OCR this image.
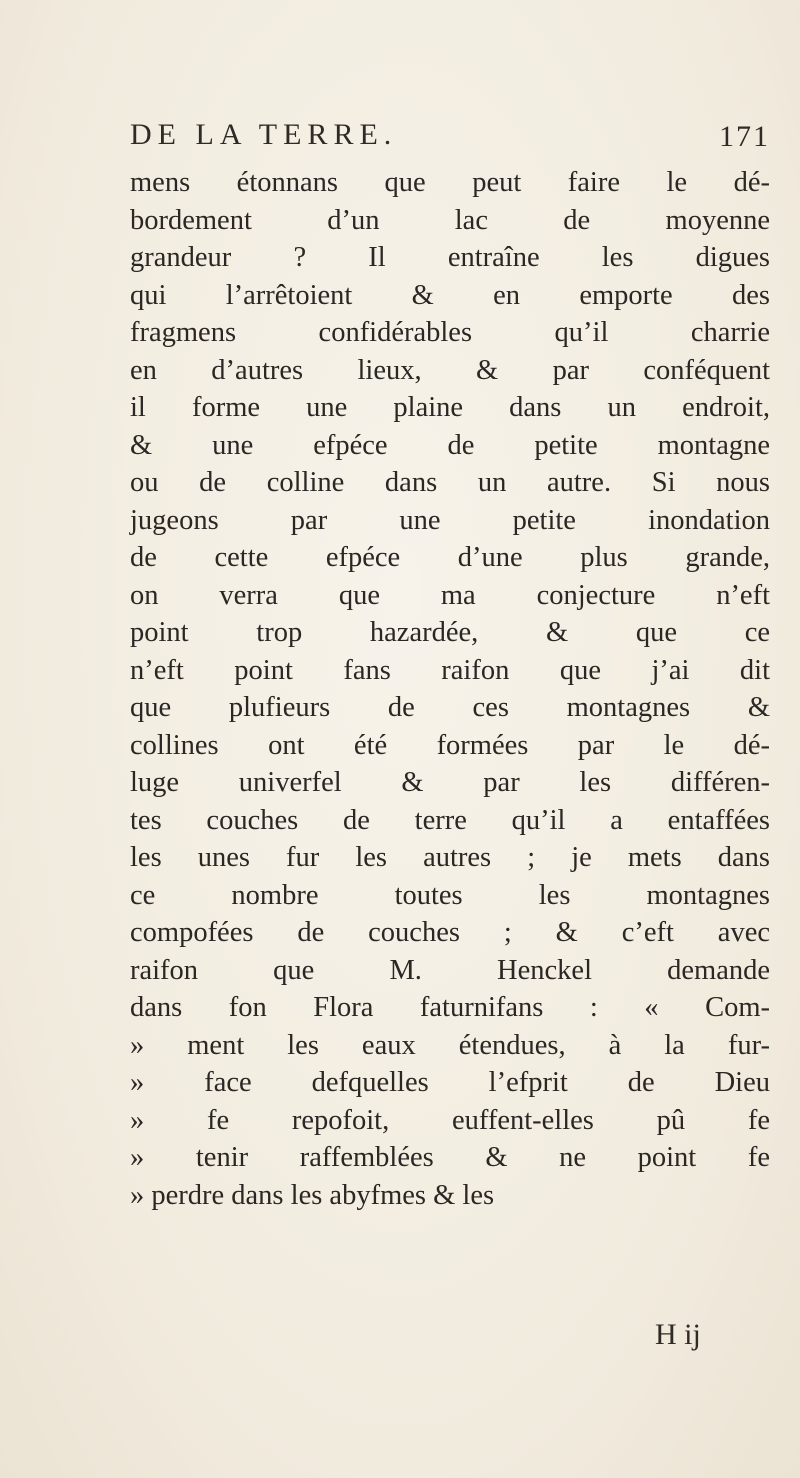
DE LA TERRE.	171
mens étonnans que peut faire le dé-
bordement d’un lac de moyenne
grandeur ? Il entraîne les digues
qui l’arrêtoient & en emporte des
fragmens confidérables qu’il charrie
en d’autres lieux, & par conféquent
il forme une plaine dans un endroit,
& une efpéce de petite montagne
ou de colline dans un autre. Si nous
jugeons par une petite inondation
de cette efpéce d’une plus grande,
on verra que ma conjecture n’eft
point trop hazardée, & que ce
n’eft point fans raifon que j’ai dit
que plufieurs de ces montagnes &
collines ont été formées par le dé-
luge univerfel & par les différen-
tes couches de terre qu’il a entaffées
les unes fur les autres ; je mets dans
ce nombre toutes les montagnes
compofées de couches ; & c’eft avec
raifon que M. Henckel demande
dans fon Flora faturnifans : « Com-
» ment les eaux étendues, à la fur-
» face defquelles l’efprit de Dieu
» fe repofoit, euffent-elles pû fe
» tenir raffemblées & ne point fe
» perdre dans les abyfmes & les
H ij
